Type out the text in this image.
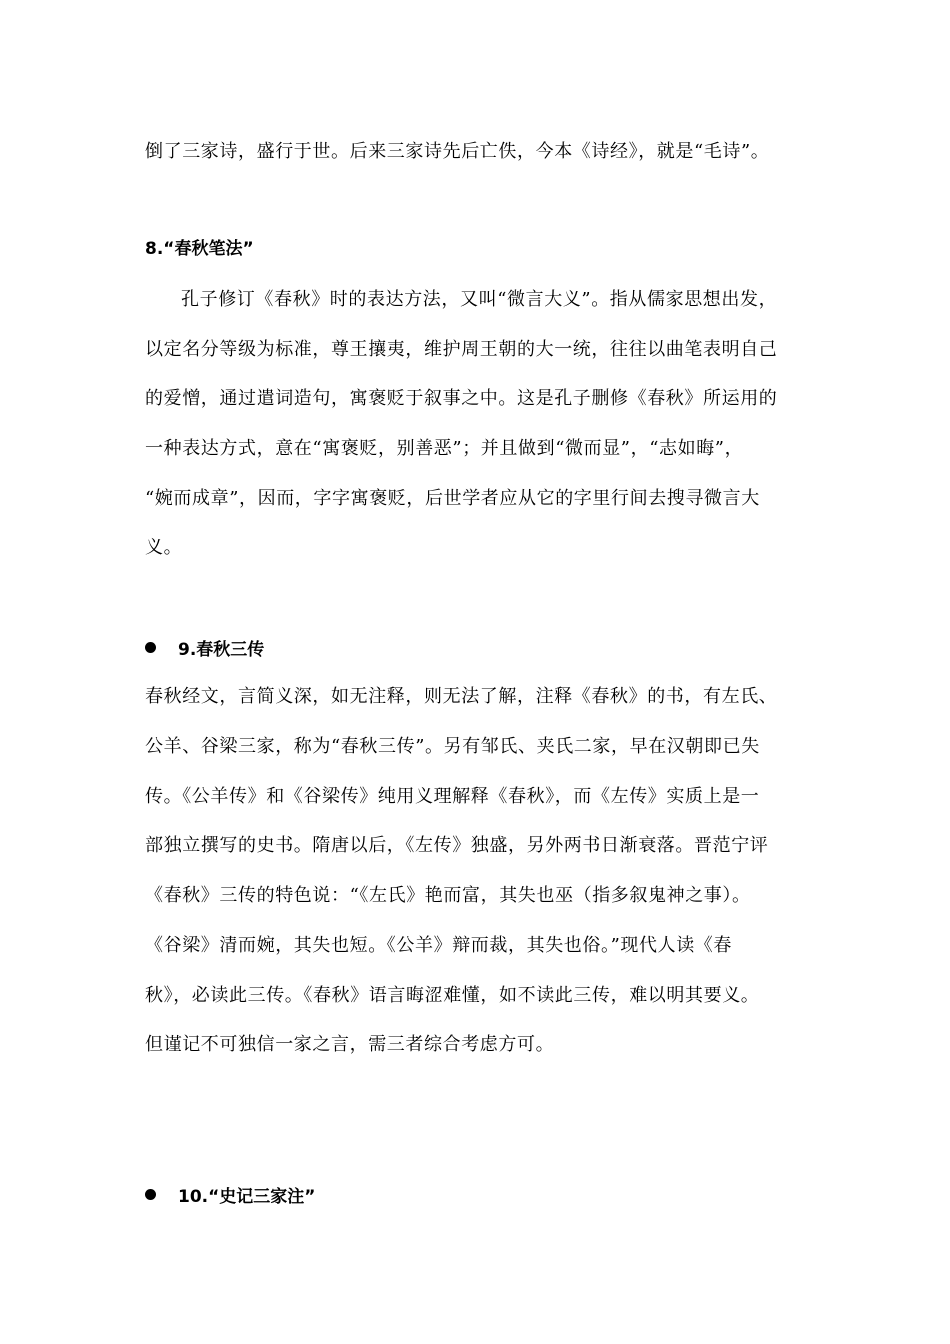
倒了三家诗，盛行于世。后来三家诗先后亡佚，今本《诗经》，就是“毛诗”。
8.“春秋笔法”
孔子修订《春秋》时的表达方法，又叫“微言大义”。指从儒家思想出发，
以定名分等级为标准，尊王攘夷，维护周王朝的大一统，往往以曲笔表明自己
的爱憎，通过遣词造句，寓褒贬于叙事之中。这是孔子删修《春秋》所运用的
一种表达方式，意在“寓褒贬，别善恶”；并且做到“微而显”，“志如晦”，
“婉而成章”，因而，字字寓褒贬，后世学者应从它的字里行间去搜寻微言大
义。
9.春秋三传
春秋经文，言简义深，如无注释，则无法了解，注释《春秋》的书，有左氏、
公羊、谷梁三家，称为“春秋三传”。另有邹氏、夹氏二家，早在汉朝即已失
传。《公羊传》和《谷梁传》纯用义理解释《春秋》，而《左传》实质上是一
部独立撰写的史书。隋唐以后，《左传》独盛，另外两书日渐衰落。晋范宁评
《春秋》三传的特色说：“《左氏》艳而富，其失也巫（指多叙鬼神之事）。
《谷梁》清而婉，其失也短。《公羊》辩而裁，其失也俗。”现代人读《春
秋》，必读此三传。《春秋》语言晦涩难懂，如不读此三传，难以明其要义。
但谨记不可独信一家之言，需三者综合考虑方可。
10.“史记三家注”
